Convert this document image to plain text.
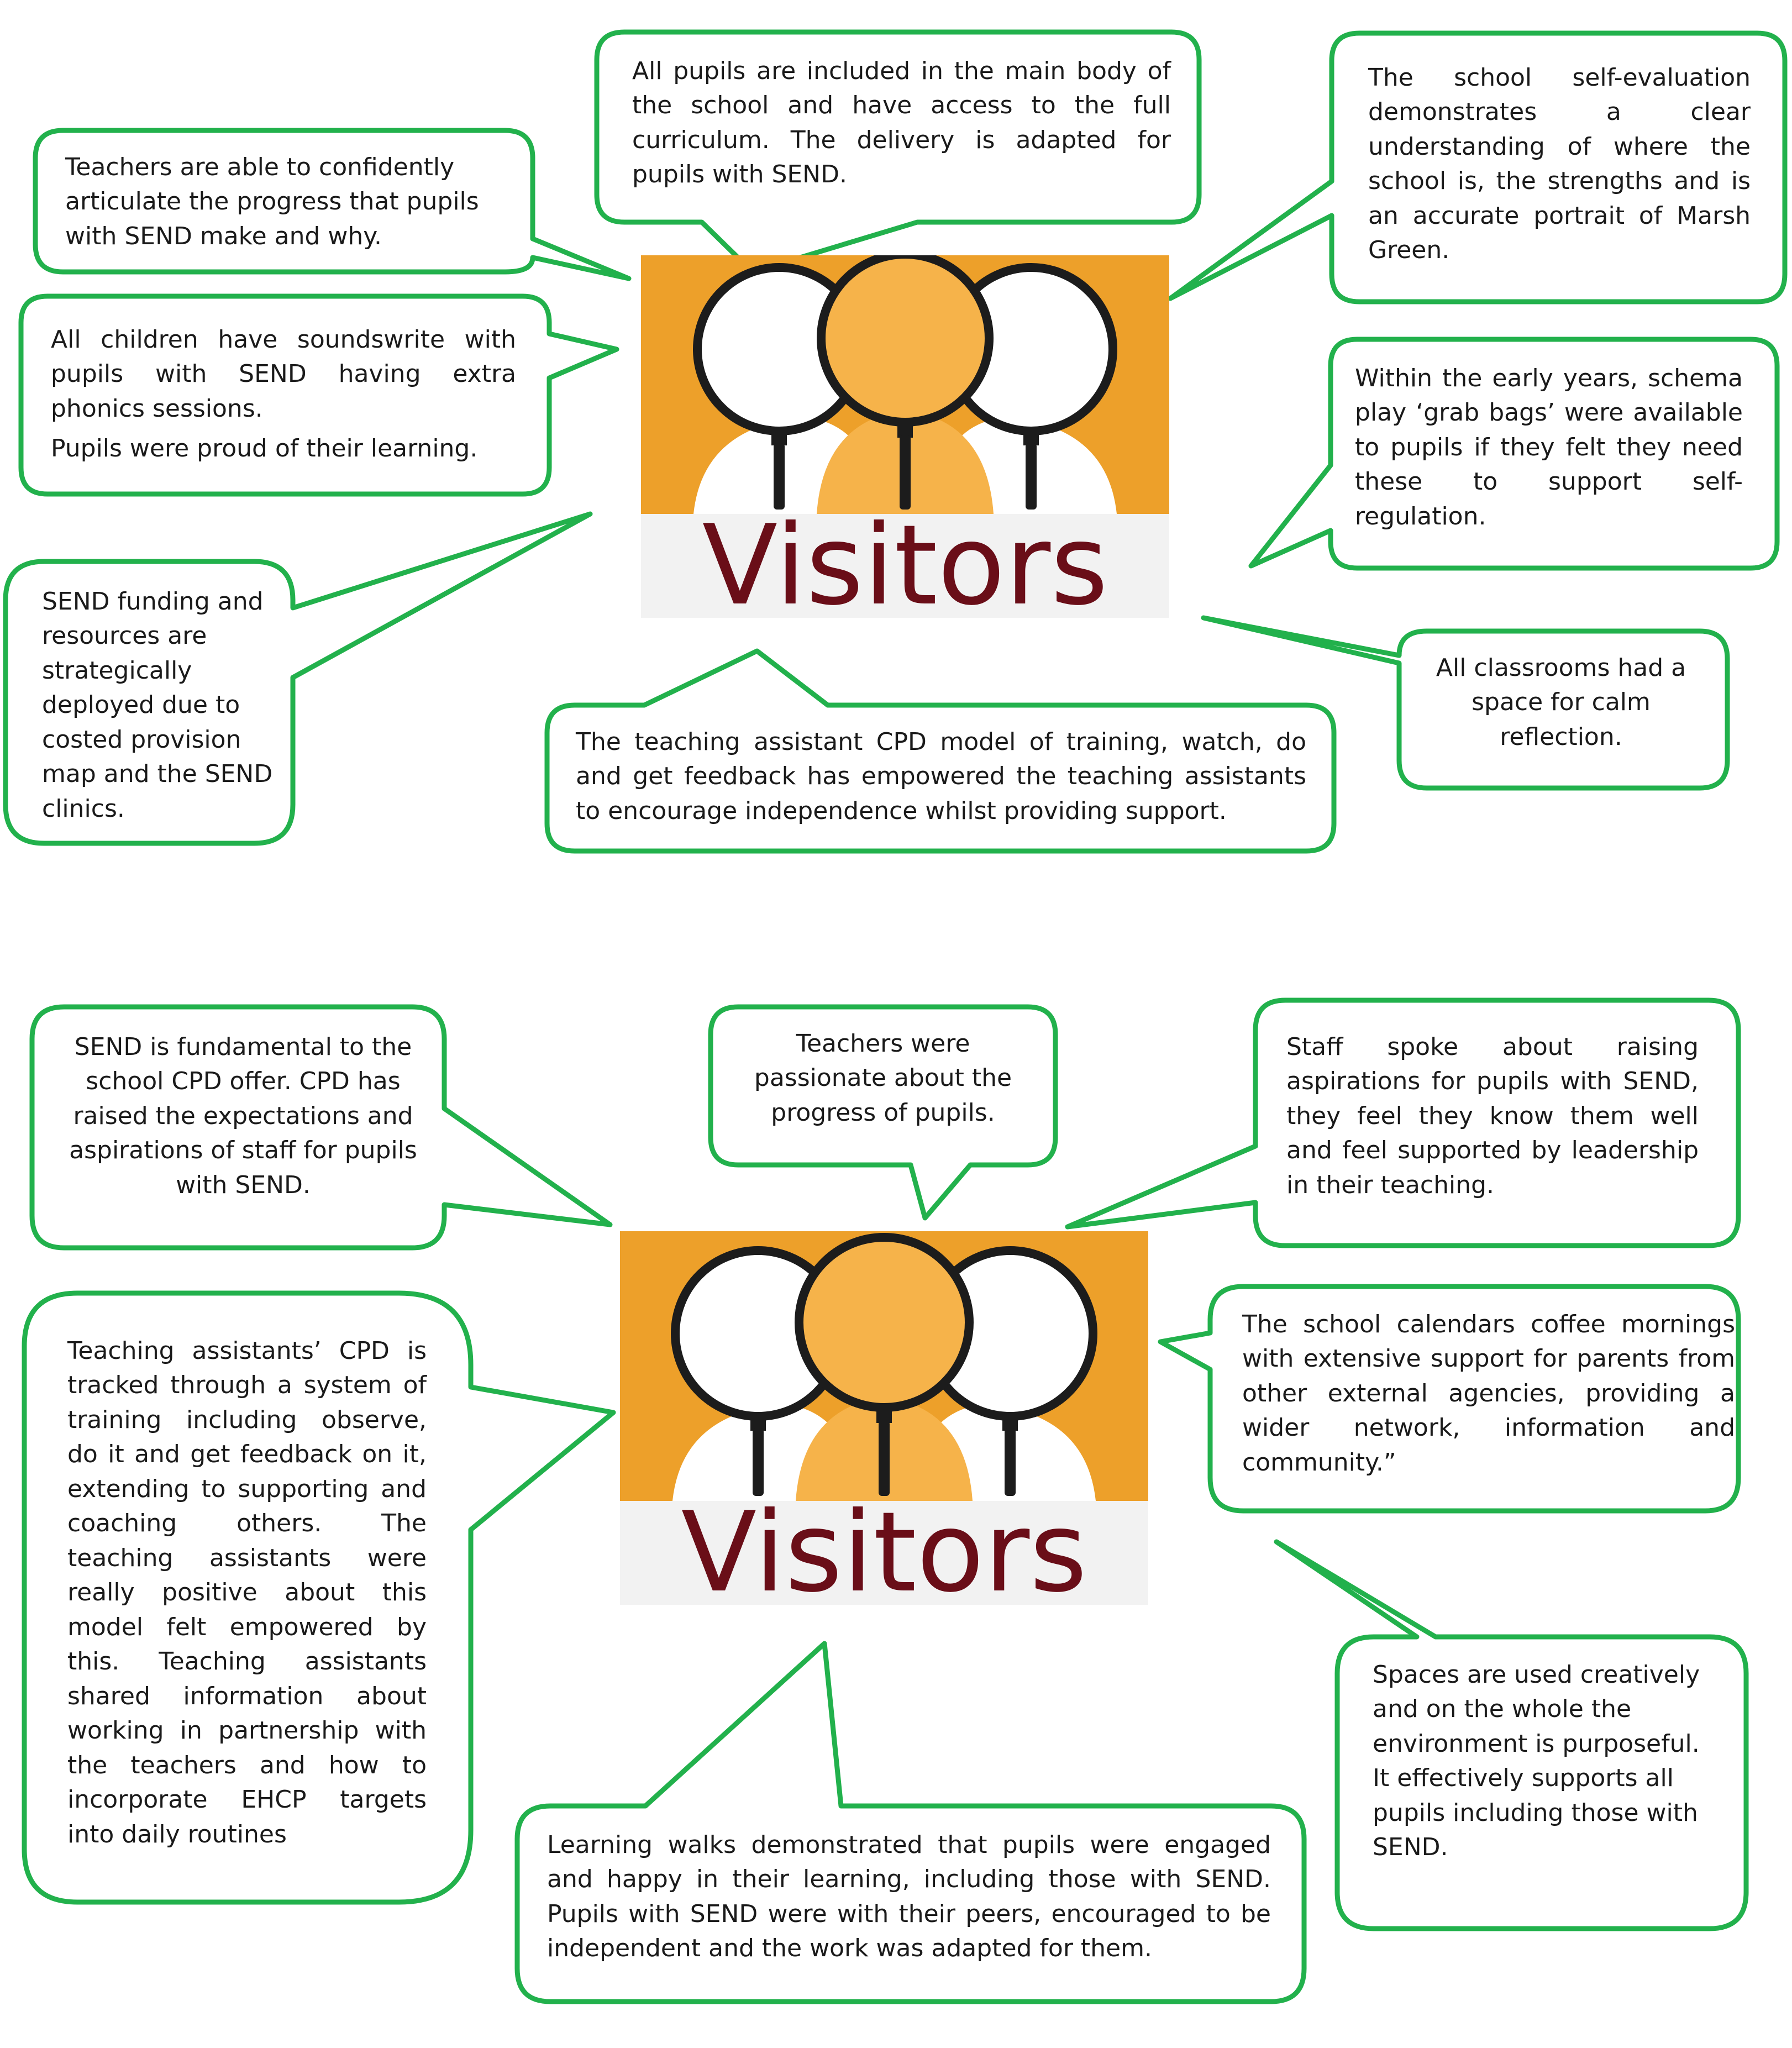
Visitors
Visitors
All pupils are included in the main body of the school and have access to the full curriculum. The delivery is adapted for pupils with SEND.
The school self-evaluation demonstrates a clear understanding of where the school is, the strengths and is an accurate portrait of Marsh Green.
Teachers are able to confidently articulate the progress that pupils with SEND make and why.

All children have soundswrite with pupils with SEND having extra phonics sessions.

Pupils were proud of their learning.

Within the early years, schema play ‘grab bags’ were available to pupils if they felt they need these to support self-regulation.
SEND funding and resources are strategically deployed due to costed provision map and the SEND clinics.
The teaching assistant CPD model of training, watch, do and get feedback has empowered the teaching assistants to encourage independence whilst providing support.
All classrooms had a space for calm reflection.
SEND is fundamental to the school CPD offer. CPD has raised the expectations and aspirations of staff for pupils with SEND.
Teachers were passionate about the progress of pupils.
Staff spoke about raising aspirations for pupils with SEND, they feel they know them well and feel supported by leadership in their teaching.
Teaching assistants’ CPD is tracked through a system of training including observe, do it and get feedback on it, extending to supporting and coaching others. The teaching assistants were really positive about this model felt empowered by this. Teaching assistants shared information about working in partnership with the teachers and how to incorporate EHCP targets into daily routines
The school calendars coffee mornings with extensive support for parents from other external agencies, providing a wider network, information and community.”
Spaces are used creatively and on the whole the environment is purposeful. It effectively supports all pupils including those with SEND.
Learning walks demonstrated that pupils were engaged and happy in their learning, including those with SEND. Pupils with SEND were with their peers, encouraged to be independent and the work was adapted for them.
